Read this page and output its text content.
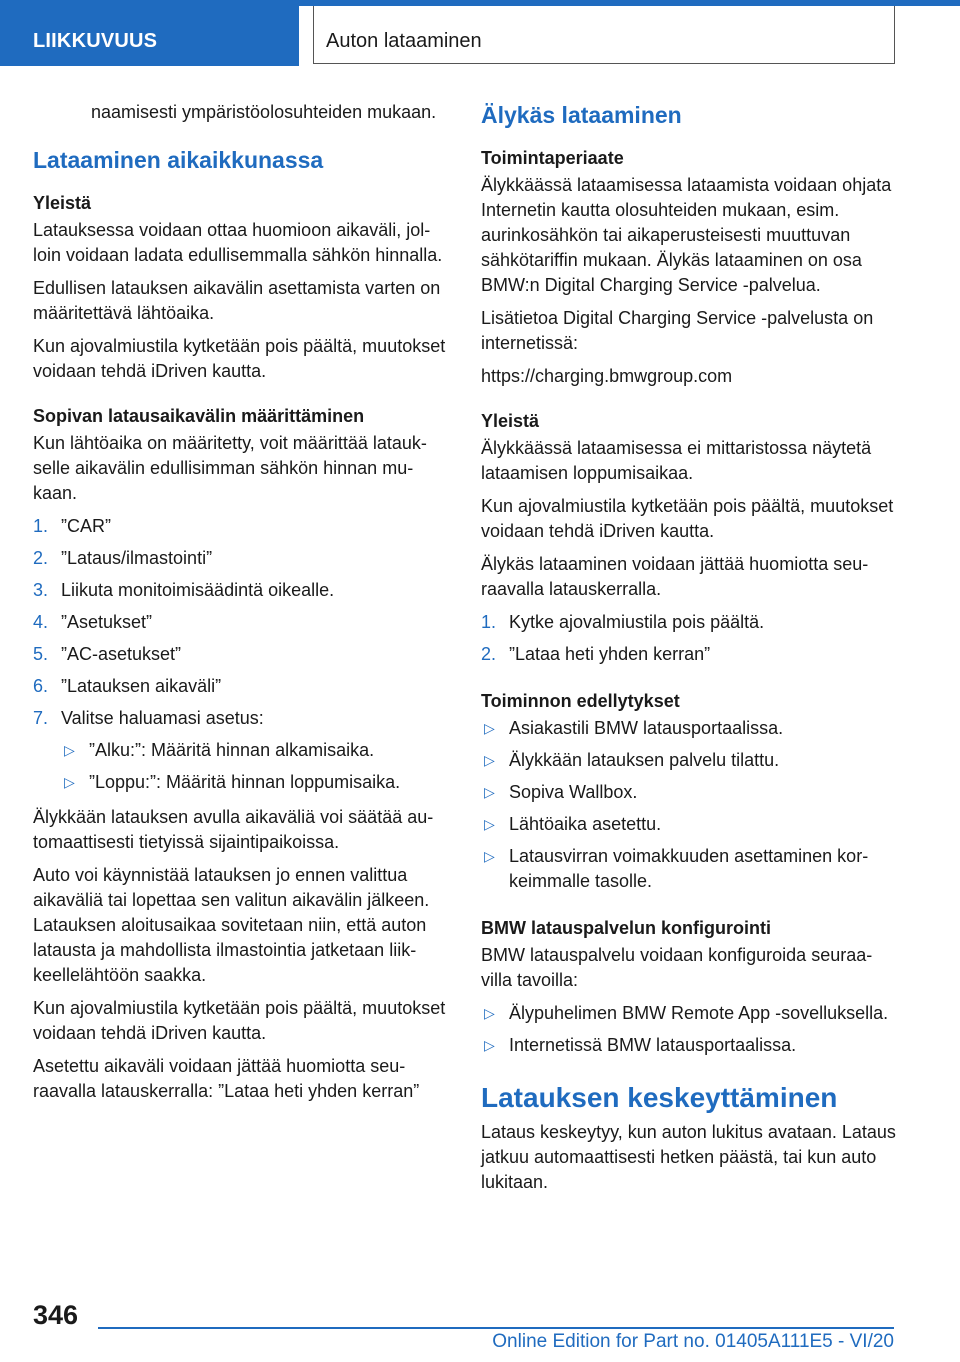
LIIKKUVUUS	Auton lataaminen

naamisesti ympäristöolosuhteiden mukaan.

Lataaminen aikaikkunassa
Yleistä

Latauksessa voidaan ottaa huomioon aikaväli, jolloin voidaan ladata edullisemmalla sähkön hinnalla.

Edullisen latauksen aikavälin asettamista varten on määritettävä lähtöaika.

Kun ajovalmiustila kytketään pois päältä, muutokset voidaan tehdä iDriven kautta.

Sopivan latausaikavälin määrittäminen

Kun lähtöaika on määritetty, voit määrittää lataukselle aikavälin edullisimman sähkön hinnan mukaan.

1. ”CAR”
2. ”Lataus/ilmastointi”
3. Liikuta monitoimisäädintä oikealle.
4. ”Asetukset”
5. ”AC-asetukset”
6. ”Latauksen aikaväli”
7. Valitse haluamasi asetus:
▷ ”Alku:”: Määritä hinnan alkamisaika.
▷ ”Loppu:”: Määritä hinnan loppumisaika.

Älykkään latauksen avulla aikaväliä voi säätää automaattisesti tietyissä sijaintipaikoissa.

Auto voi käynnistää latauksen jo ennen valittua aikaväliä tai lopettaa sen valitun aikavälin jälkeen. Latauksen aloitusaikaa sovitetaan niin, että auton latausta ja mahdollista ilmastointia jatketaan liikkeellelähtöön saakka.

Kun ajovalmiustila kytketään pois päältä, muutokset voidaan tehdä iDriven kautta.

Asetettu aikaväli voidaan jättää huomiotta seuraavalla latauskerralla: ”Lataa heti yhden kerran”

Älykäs lataaminen
Toimintaperiaate

Älykkäässä lataamisessa lataamista voidaan ohjata Internetin kautta olosuhteiden mukaan, esim. aurinkosähkön tai aikaperusteisesti muuttuvan sähkötariffin mukaan. Älykäs lataaminen on osa BMW:n Digital Charging Service -palvelua.

Lisätietoa Digital Charging Service -palvelusta on internetissä:

https://charging.bmwgroup.com

Yleistä

Älykkäässä lataamisessa ei mittaristossa näytetä lataamisen loppumisaikaa.

Kun ajovalmiustila kytketään pois päältä, muutokset voidaan tehdä iDriven kautta.

Älykäs lataaminen voidaan jättää huomiotta seuraavalla latauskerralla.

1. Kytke ajovalmiustila pois päältä.
2. ”Lataa heti yhden kerran”
Toiminnon edellytykset
▷ Asiakastili BMW latausportaalissa.
▷ Älykkään latauksen palvelu tilattu.
▷ Sopiva Wallbox.
▷ Lähtöaika asetettu.
▷ Latausvirran voimakkuuden asettaminen korkeimmalle tasolle.
BMW latauspalvelun konfigurointi

BMW latauspalvelu voidaan konfiguroida seuraavilla tavoilla:

▷ Älypuhelimen BMW Remote App -sovelluksella.
▷ Internetissä BMW latausportaalissa.
Latauksen keskeyttäminen

Lataus keskeytyy, kun auton lukitus avataan. Lataus jatkuu automaattisesti hetken päästä, tai kun auto lukitaan.

346
Online Edition for Part no. 01405A111E5 - VI/20
